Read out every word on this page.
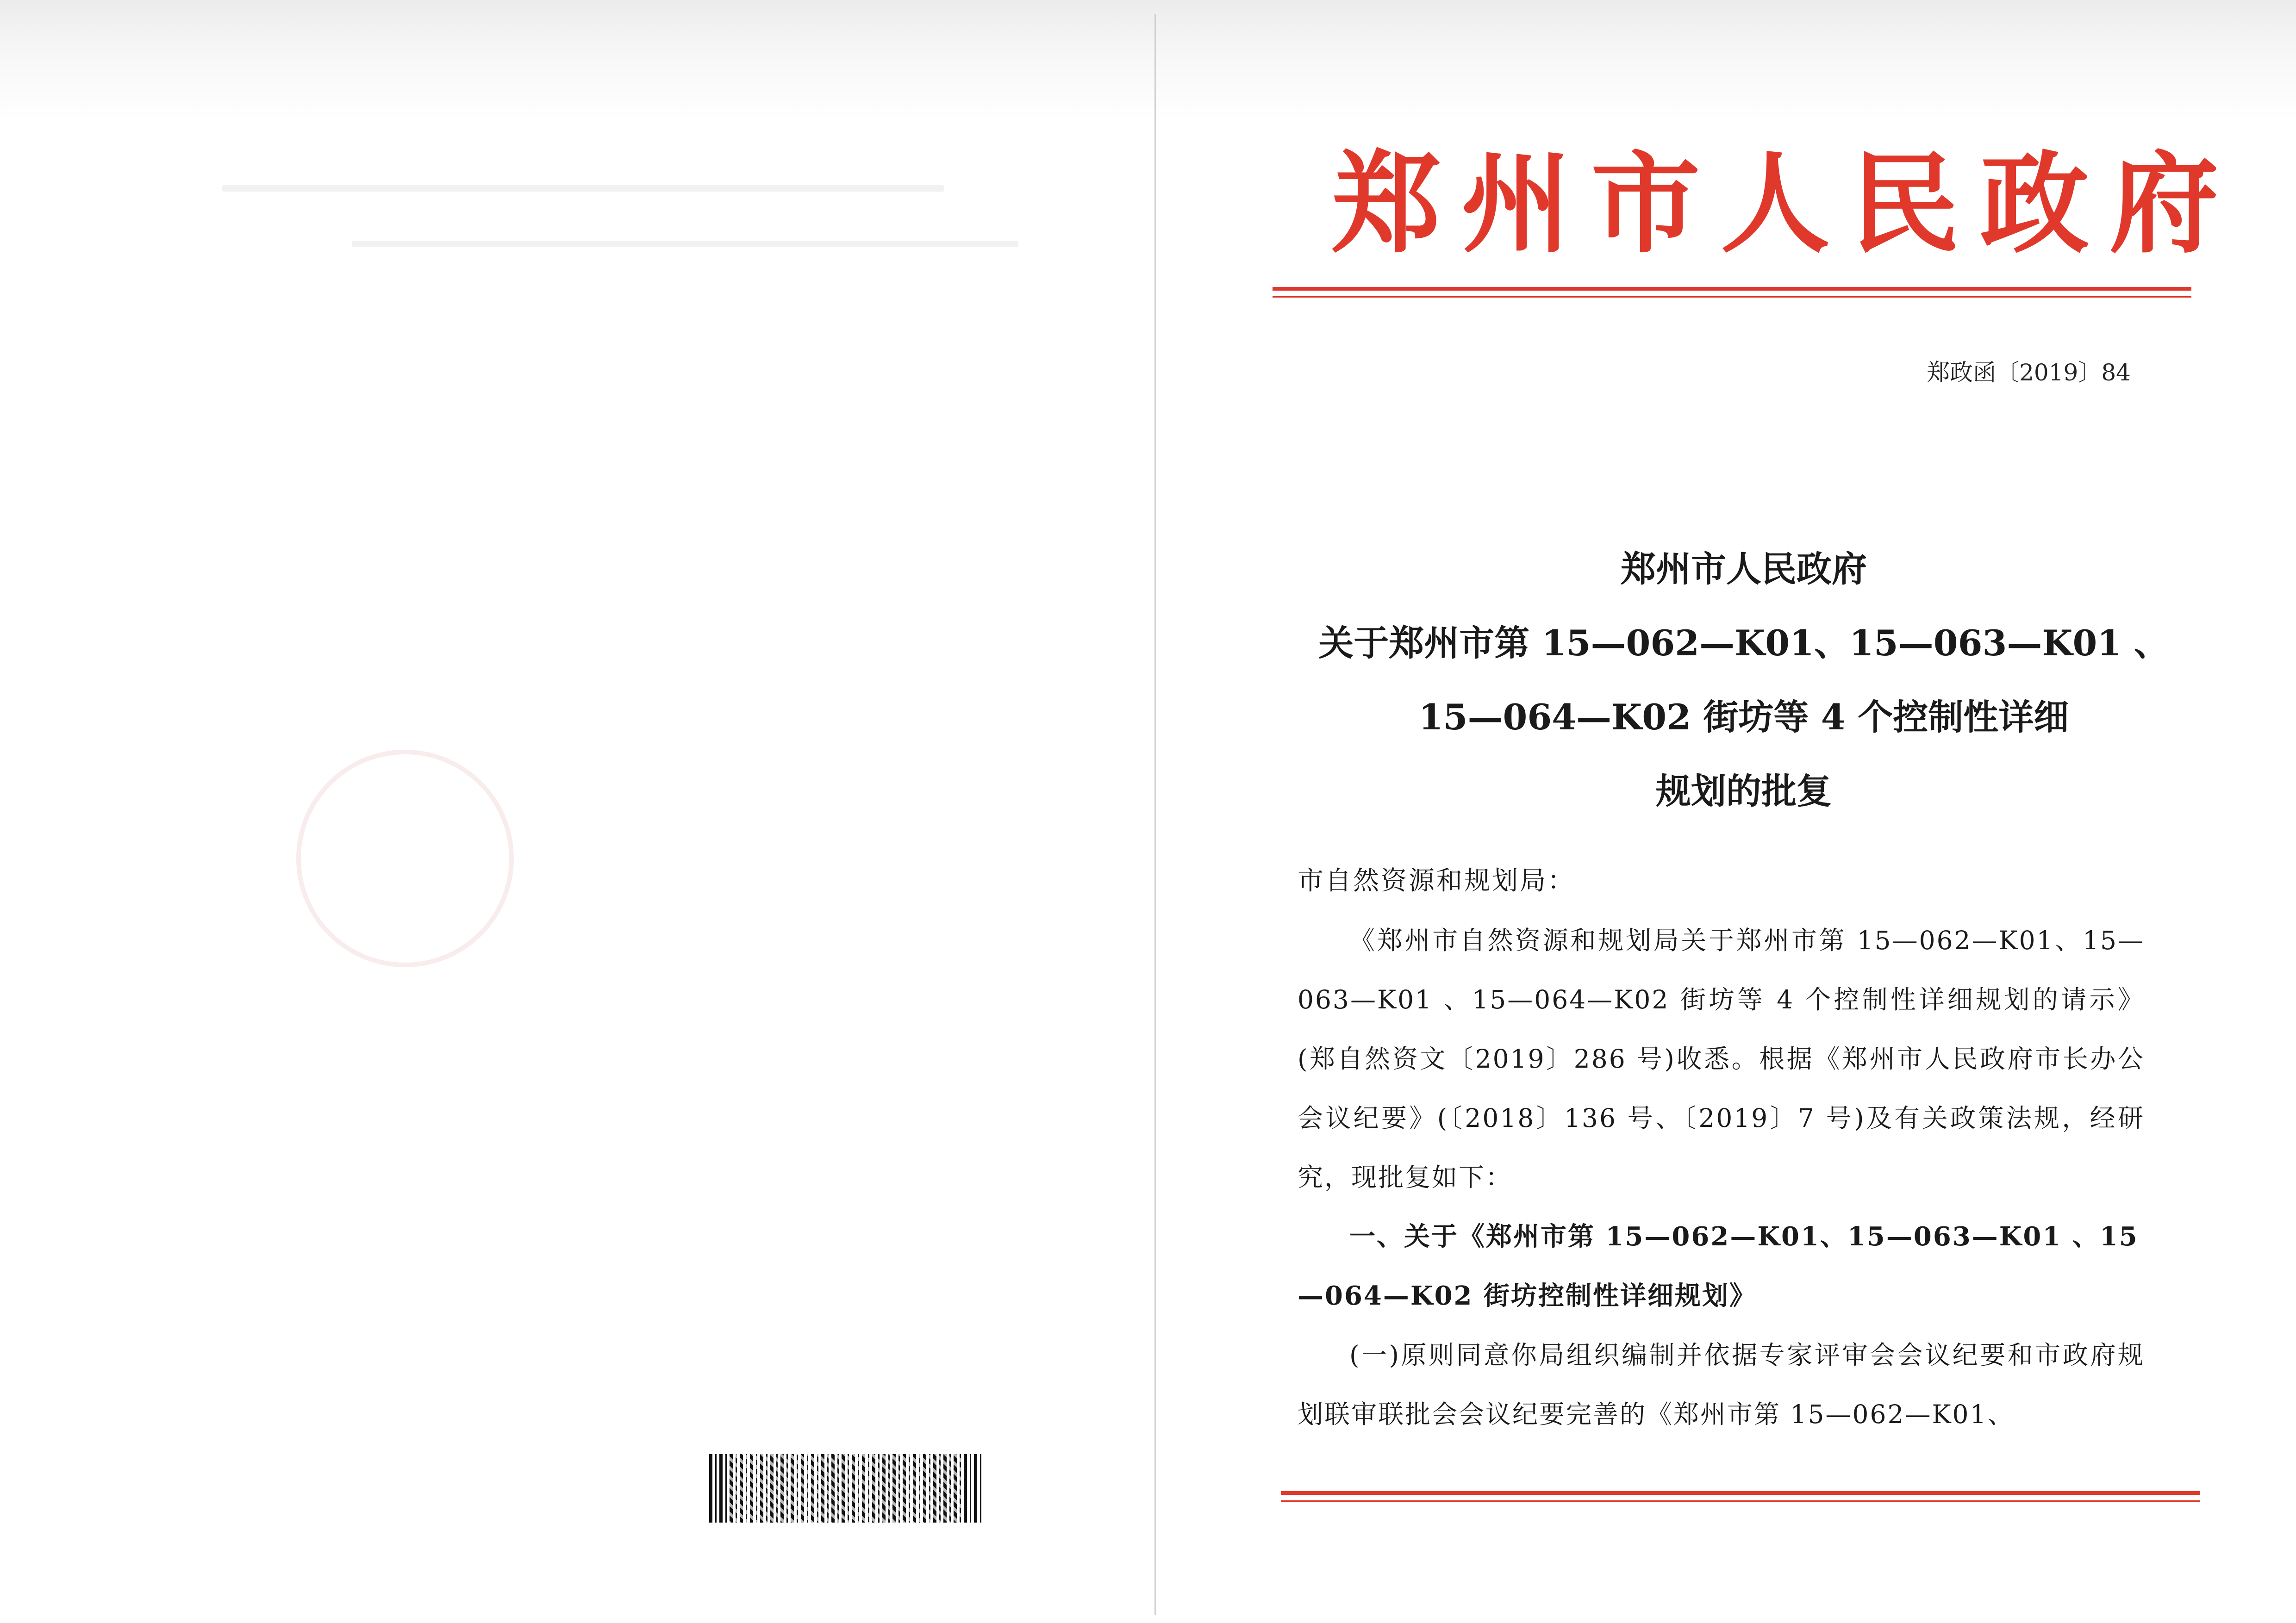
郑州市人民政府
郑政函〔2019〕84
郑州市人民政府
关于郑州市第 15—062—K01、15—063—K01 、
15—064—K02 街坊等 4 个控制性详细
规划的批复
市自然资源和规划局：

《郑州市自然资源和规划局关于郑州市第 15—062—K01、15—063—K01 、15—064—K02 街坊等 4 个控制性详细规划的请示》(郑自然资文〔2019〕286 号)收悉。根据《郑州市人民政府市长办公会议纪要》(〔2018〕136 号、〔2019〕7 号)及有关政策法规，经研究，现批复如下：

一、关于《郑州市第 15—062—K01、15—063—K01 、15—064—K02 街坊控制性详细规划》

(一)原则同意你局组织编制并依据专家评审会会议纪要和市政府规划联审联批会会议纪要完善的《郑州市第 15—062—K01、
